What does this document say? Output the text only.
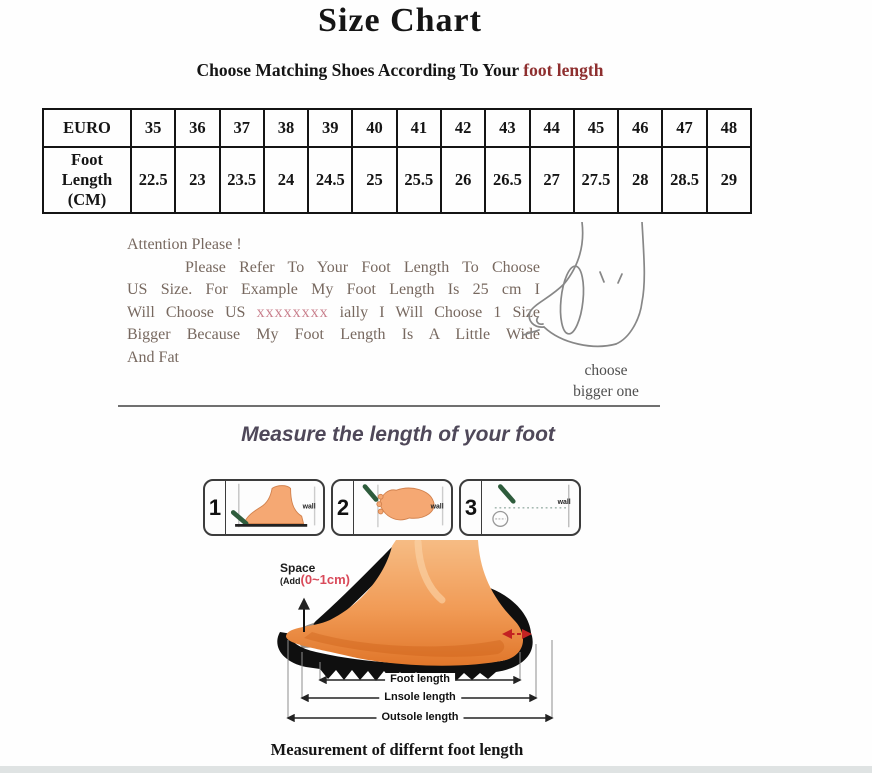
Size Chart
Choose Matching Shoes According To Your foot length
EURO	35	36	37	38	39	40	41	42	43	44	45	46	47	48
Foot Length (CM)	22.5	23	23.5	24	24.5	25	25.5	26	26.5	27	27.5	28	28.5	29
Attention Please !
Please Refer To Your Foot Length To Choose
US Size. For Example My Foot Length Is 25 cm I
Will Choose US xxxxxxxx ially I Will Choose 1 Size
Bigger Because My Foot Length Is A Little Wide
And Fat
choose
bigger one
Measure the length of your foot
1	wall 2	wall 3	wall
Space
(Add(0~1cm)
Foot length
Lnsole length
Outsole length
Measurement of differnt foot length
